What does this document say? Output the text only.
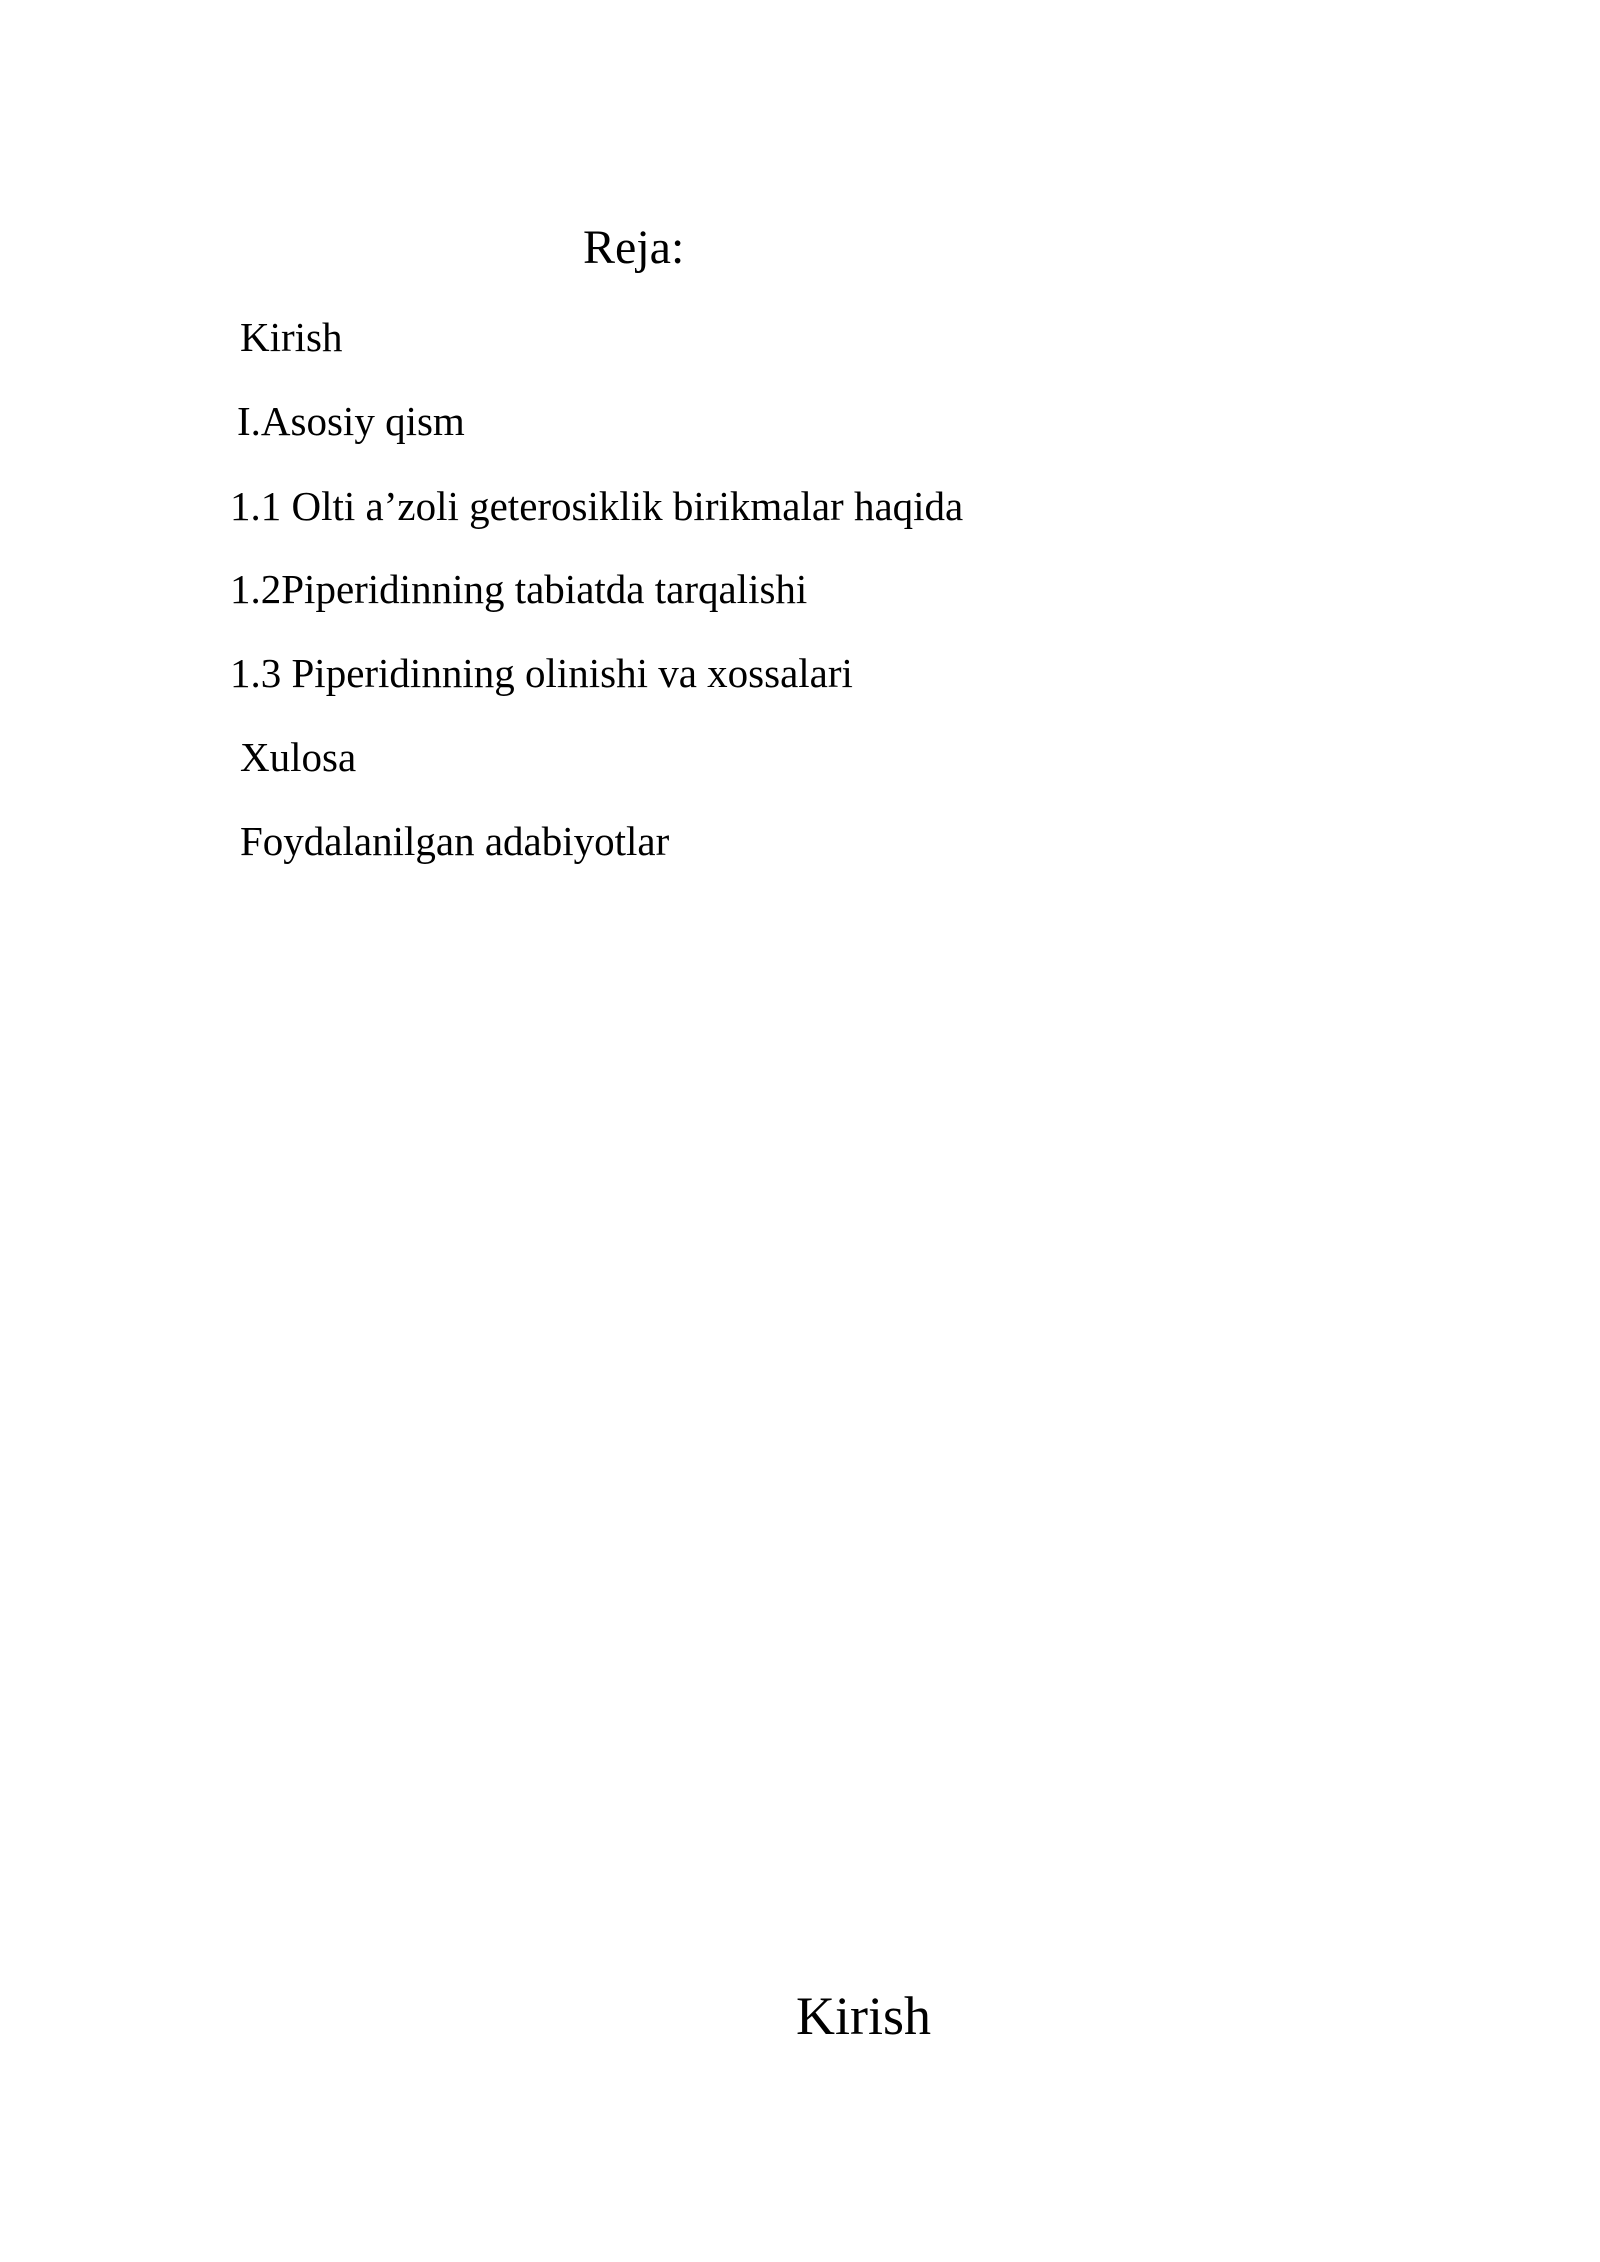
Reja:
Kirish
I.Asosiy qism
1.1 Olti a’zoli geterosiklik birikmalar haqida
1.2Piperidinning tabiatda tarqalishi
1.3 Piperidinning olinishi va xossalari
Xulosa
Foydalanilgan adabiyotlar
Kirish
